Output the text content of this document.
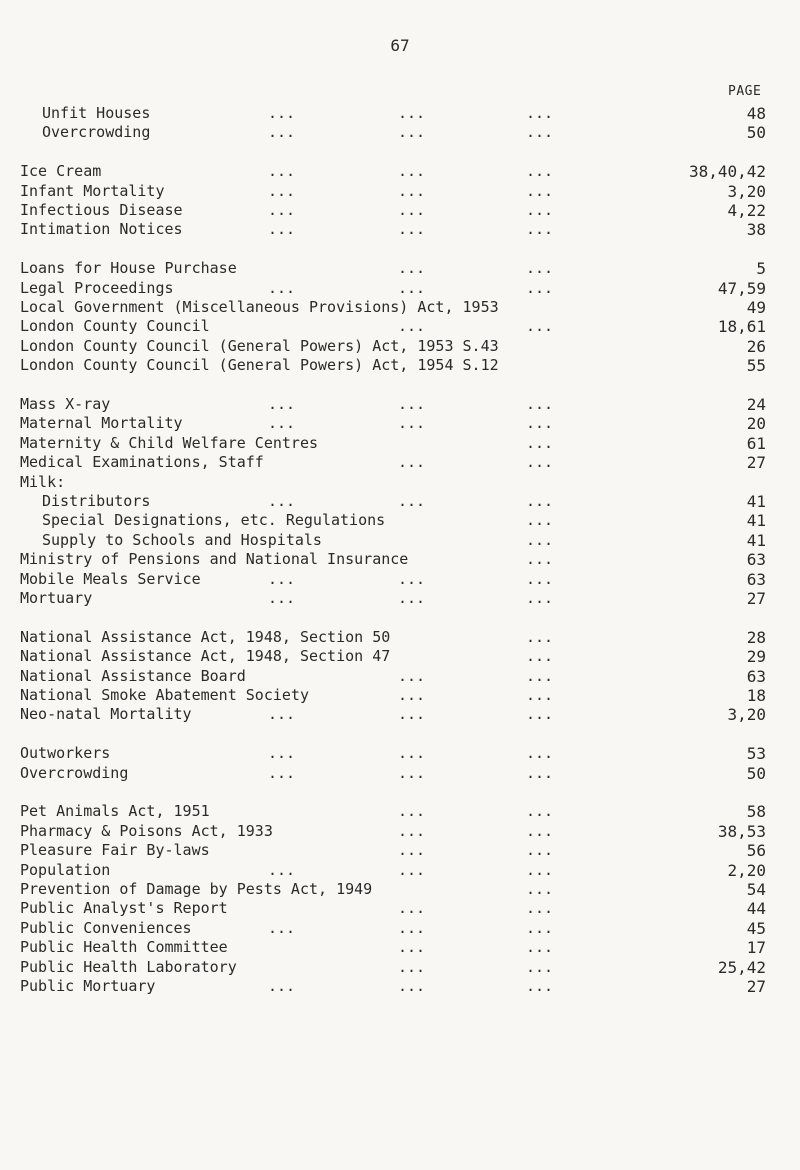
67
PAGE
Unfit Houses	...	...	...	48
Overcrowding	...	...	...	50
Ice Cream	...	...	...	38,40,42
Infant Mortality	...	...	...	3,20
Infectious Disease	...	...	...	4,22
Intimation Notices	...	...	...	38
Loans for House Purchase	...	...	5
Legal Proceedings	...	...	...	47,59
Local Government (Miscellaneous Provisions) Act, 1953	49
London County Council	...	...	18,61
London County Council (General Powers) Act, 1953 S.43	26
London County Council (General Powers) Act, 1954 S.12	55
Mass X-ray	...	...	...	24
Maternal Mortality	...	...	...	20
Maternity & Child Welfare Centres	...	61
Medical Examinations, Staff	...	...	27
Milk:
Distributors	...	...	...	41
Special Designations, etc. Regulations	...	41
Supply to Schools and Hospitals	...	41
Ministry of Pensions and National Insurance	...	63
Mobile Meals Service	...	...	...	63
Mortuary	...	...	...	27
National Assistance Act, 1948, Section 50	...	28
National Assistance Act, 1948, Section 47	...	29
National Assistance Board	...	...	63
National Smoke Abatement Society	...	...	18
Neo-natal Mortality	...	...	...	3,20
Outworkers	...	...	...	53
Overcrowding	...	...	...	50
Pet Animals Act, 1951	...	...	58
Pharmacy & Poisons Act, 1933	...	...	38,53
Pleasure Fair By-laws	...	...	56
Population	...	...	...	2,20
Prevention of Damage by Pests Act, 1949	...	54
Public Analyst's Report	...	...	44
Public Conveniences	...	...	...	45
Public Health Committee	...	...	17
Public Health Laboratory	...	...	25,42
Public Mortuary	...	...	...	27
